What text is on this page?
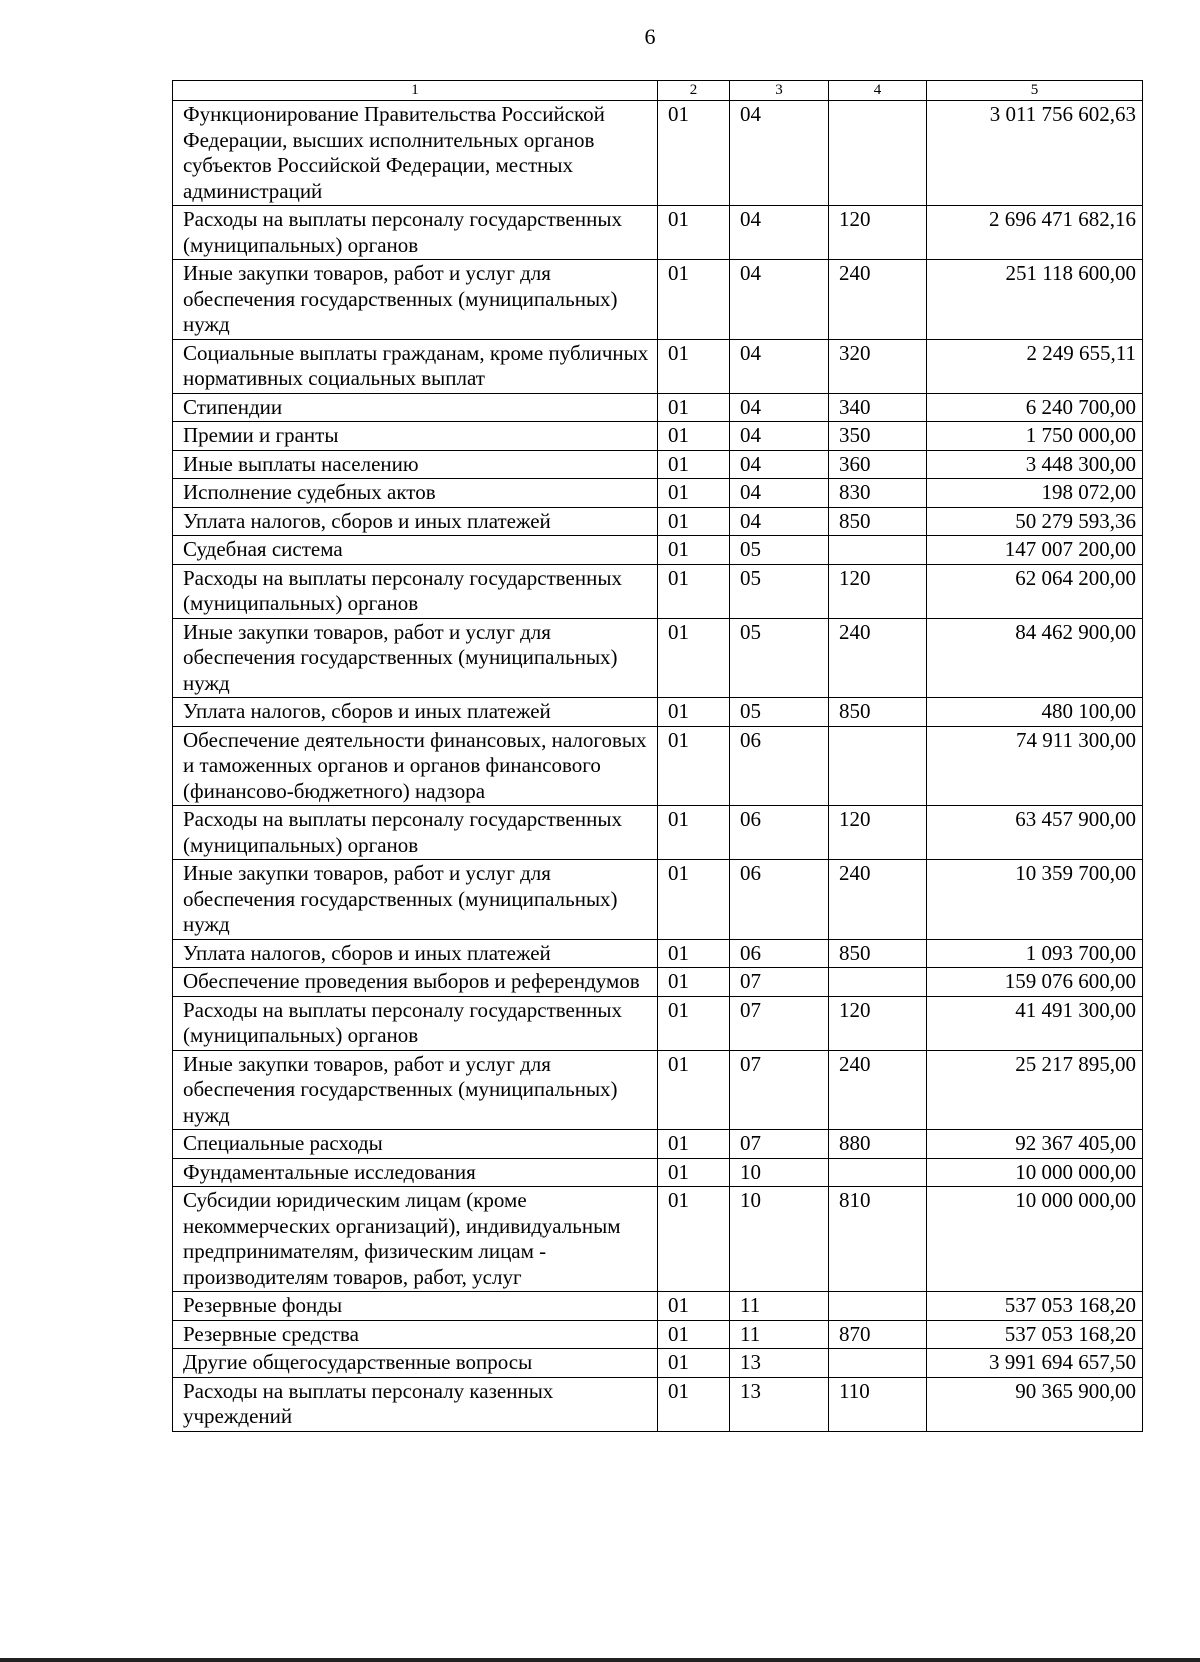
6
1	2	3	4	5
Функционирование Правительства Российской Федерации, высших исполнительных органов субъектов Российской Федерации, местных администраций	01	04		3 011 756 602,63
Расходы на выплаты персоналу государственных (муниципальных) органов	01	04	120	2 696 471 682,16
Иные закупки товаров, работ и услуг для обеспечения государственных (муниципальных) нужд	01	04	240	251 118 600,00
Социальные выплаты гражданам, кроме публичных нормативных социальных выплат	01	04	320	2 249 655,11
Стипендии	01	04	340	6 240 700,00
Премии и гранты	01	04	350	1 750 000,00
Иные выплаты населению	01	04	360	3 448 300,00
Исполнение судебных актов	01	04	830	198 072,00
Уплата налогов, сборов и иных платежей	01	04	850	50 279 593,36
Судебная система	01	05		147 007 200,00
Расходы на выплаты персоналу государственных (муниципальных) органов	01	05	120	62 064 200,00
Иные закупки товаров, работ и услуг для обеспечения государственных (муниципальных) нужд	01	05	240	84 462 900,00
Уплата налогов, сборов и иных платежей	01	05	850	480 100,00
Обеспечение деятельности финансовых, налоговых и таможенных органов и органов финансового (финансово-бюджетного) надзора	01	06		74 911 300,00
Расходы на выплаты персоналу государственных (муниципальных) органов	01	06	120	63 457 900,00
Иные закупки товаров, работ и услуг для обеспечения государственных (муниципальных) нужд	01	06	240	10 359 700,00
Уплата налогов, сборов и иных платежей	01	06	850	1 093 700,00
Обеспечение проведения выборов и референдумов	01	07		159 076 600,00
Расходы на выплаты персоналу государственных (муниципальных) органов	01	07	120	41 491 300,00
Иные закупки товаров, работ и услуг для обеспечения государственных (муниципальных) нужд	01	07	240	25 217 895,00
Специальные расходы	01	07	880	92 367 405,00
Фундаментальные исследования	01	10		10 000 000,00
Субсидии юридическим лицам (кроме некоммерческих организаций), индивидуальным предпринимателям, физическим лицам - производителям товаров, работ, услуг	01	10	810	10 000 000,00
Резервные фонды	01	11		537 053 168,20
Резервные средства	01	11	870	537 053 168,20
Другие общегосударственные вопросы	01	13		3 991 694 657,50
Расходы на выплаты персоналу казенных учреждений	01	13	110	90 365 900,00
